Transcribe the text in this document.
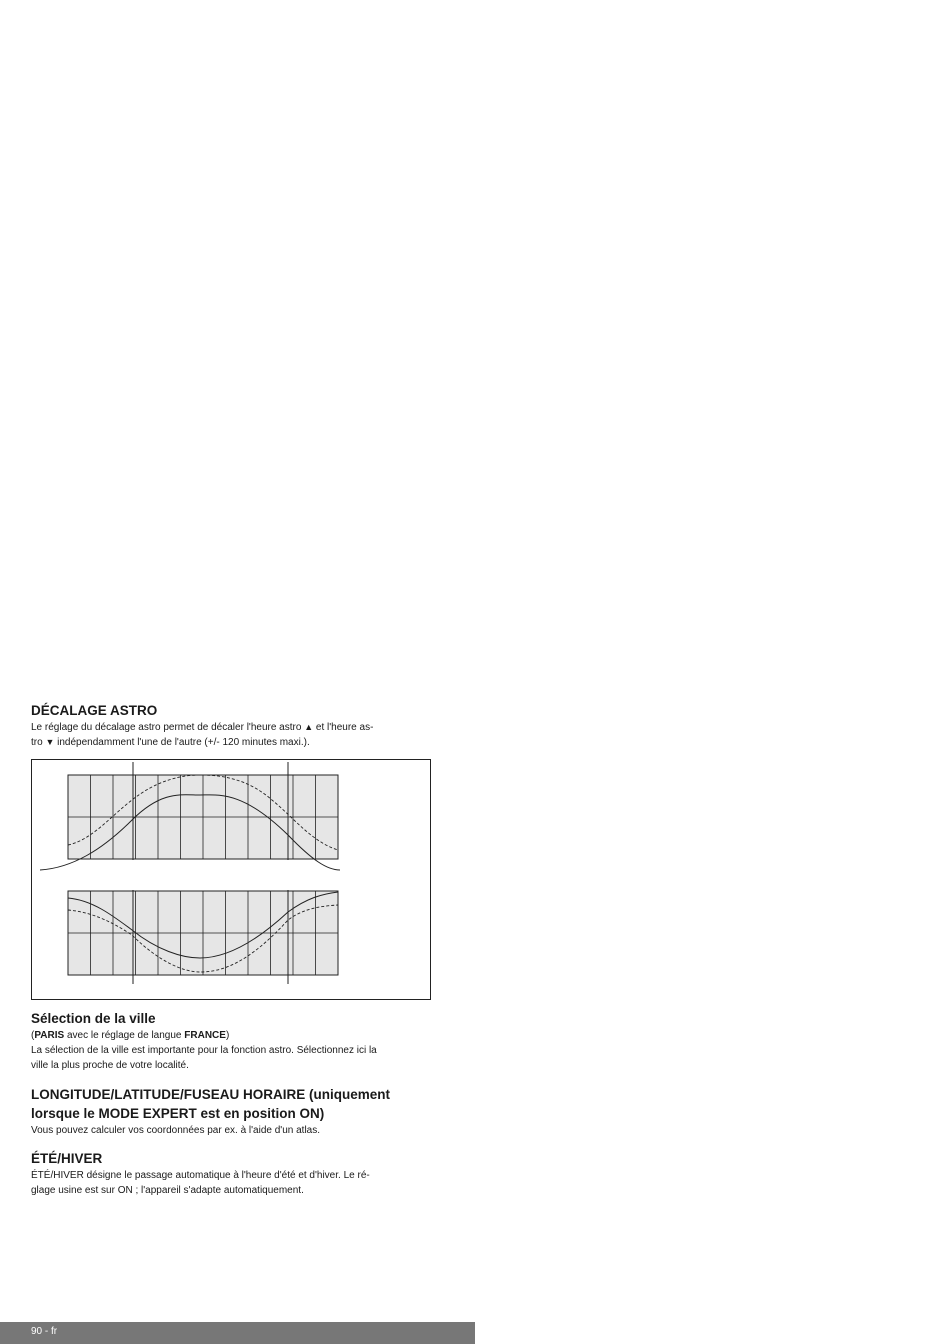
DÉCALAGE ASTRO

Le réglage du décalage astro permet de décaler l'heure astro ▲ et l'heure as-
tro ▼ indépendamment l'une de l'autre (+/- 120 minutes maxi.).

Sélection de la ville

(PARIS avec le réglage de langue FRANCE)

La sélection de la ville est importante pour la fonction astro. Sélectionnez ici la
ville la plus proche de votre localité.

LONGITUDE/LATITUDE/FUSEAU HORAIRE (uniquement
lorsque le MODE EXPERT est en position ON)

Vous pouvez calculer vos coordonnées par ex. à l'aide d'un atlas.

ÉTÉ/HIVER

ÉTÉ/HIVER désigne le passage automatique à l'heure d'été et d'hiver. Le ré-
glage usine est sur ON ; l'appareil s'adapte automatiquement.

90 - fr
